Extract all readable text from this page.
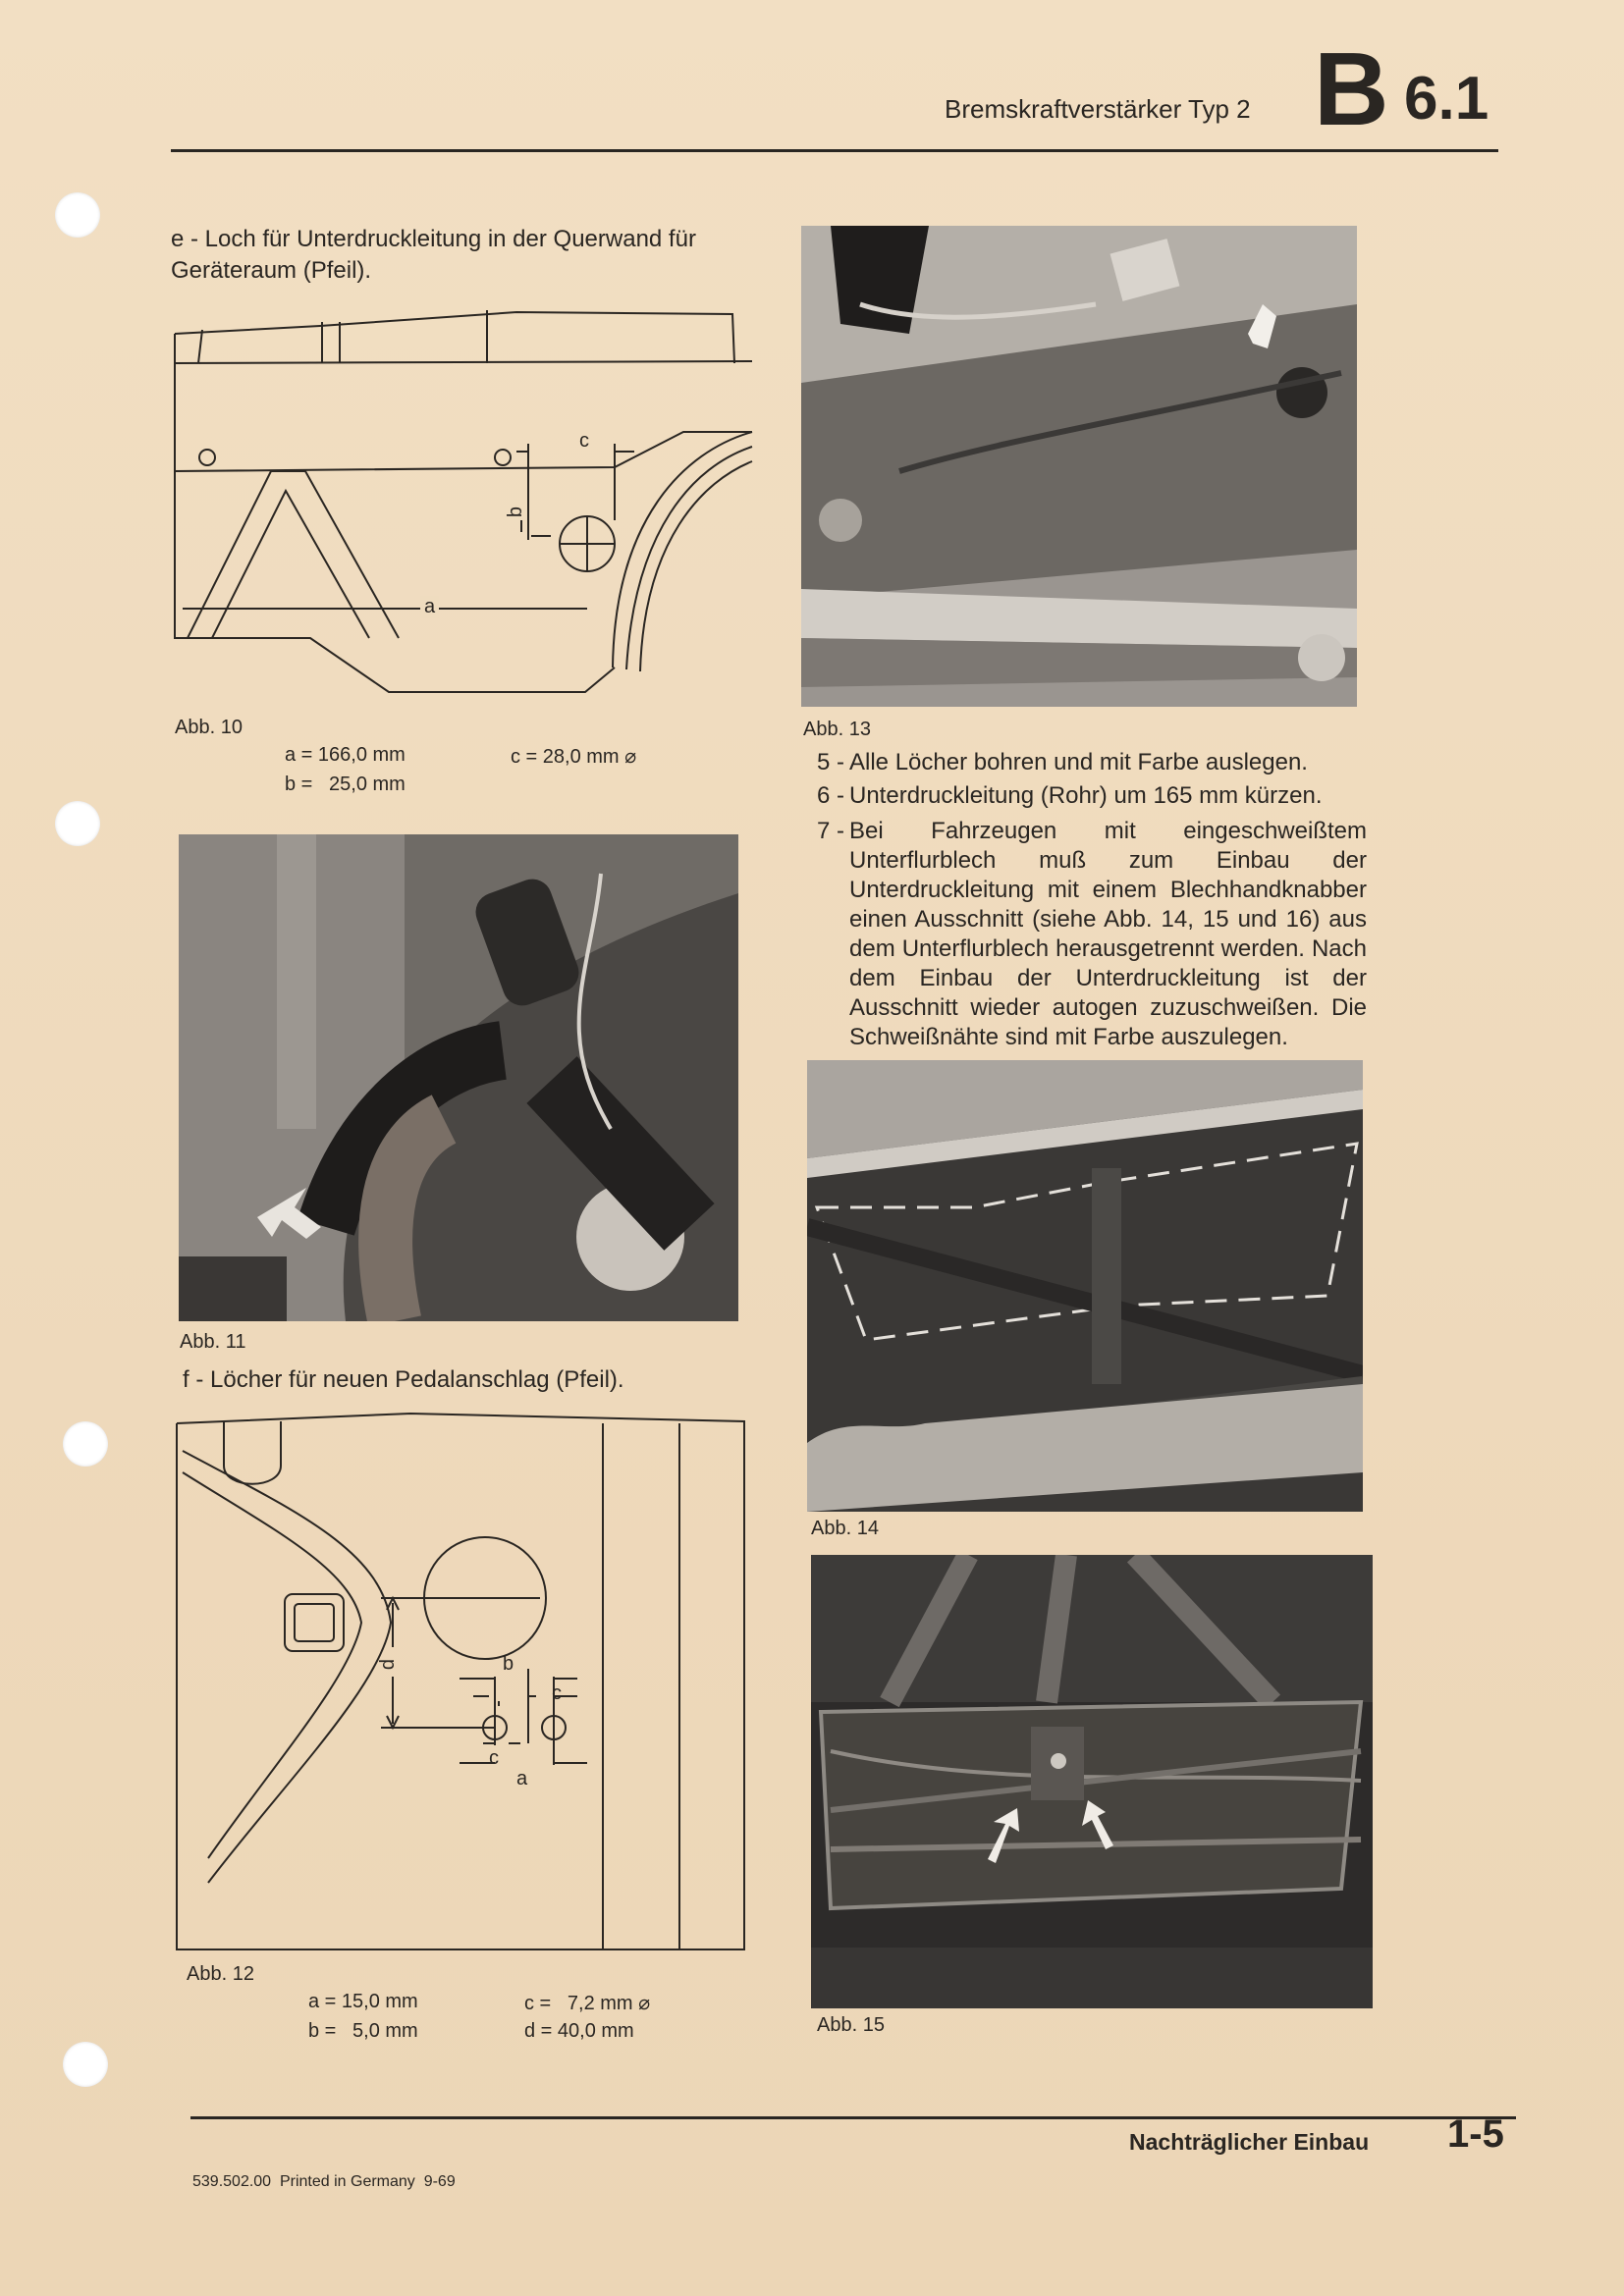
Bremskraftverstärker Typ 2 B 6.1
e - Loch für Unterdruckleitung in der Querwand für Geräteraum (Pfeil).
c
b
a
Abb. 10
a = 166,0 mm
b =   25,0 mm
c = 28,0 mm ⌀
Abb. 11
f - Löcher für neuen Pedalanschlag (Pfeil).
d	b
c
c
a
Abb. 12
a = 15,0 mm
b =   5,0 mm
c =   7,2 mm ⌀
d = 40,0 mm
Abb. 13
5 - Alle Löcher bohren und mit Farbe auslegen.
6 - Unterdruckleitung (Rohr) um 165 mm kürzen.
7 - Bei Fahrzeugen mit eingeschweißtem Unterflurblech muß zum Einbau der Unterdruckleitung mit einem Blechhandknabber einen Ausschnitt (siehe Abb. 14, 15 und 16) aus dem Unterflurblech herausgetrennt werden. Nach dem Einbau der Unterdruckleitung ist der Ausschnitt wieder autogen zuzuschweißen. Die Schweißnähte sind mit Farbe auszulegen.
Abb. 14
Abb. 15
Nachträglicher Einbau 1-5
539.502.00  Printed in Germany  9-69
